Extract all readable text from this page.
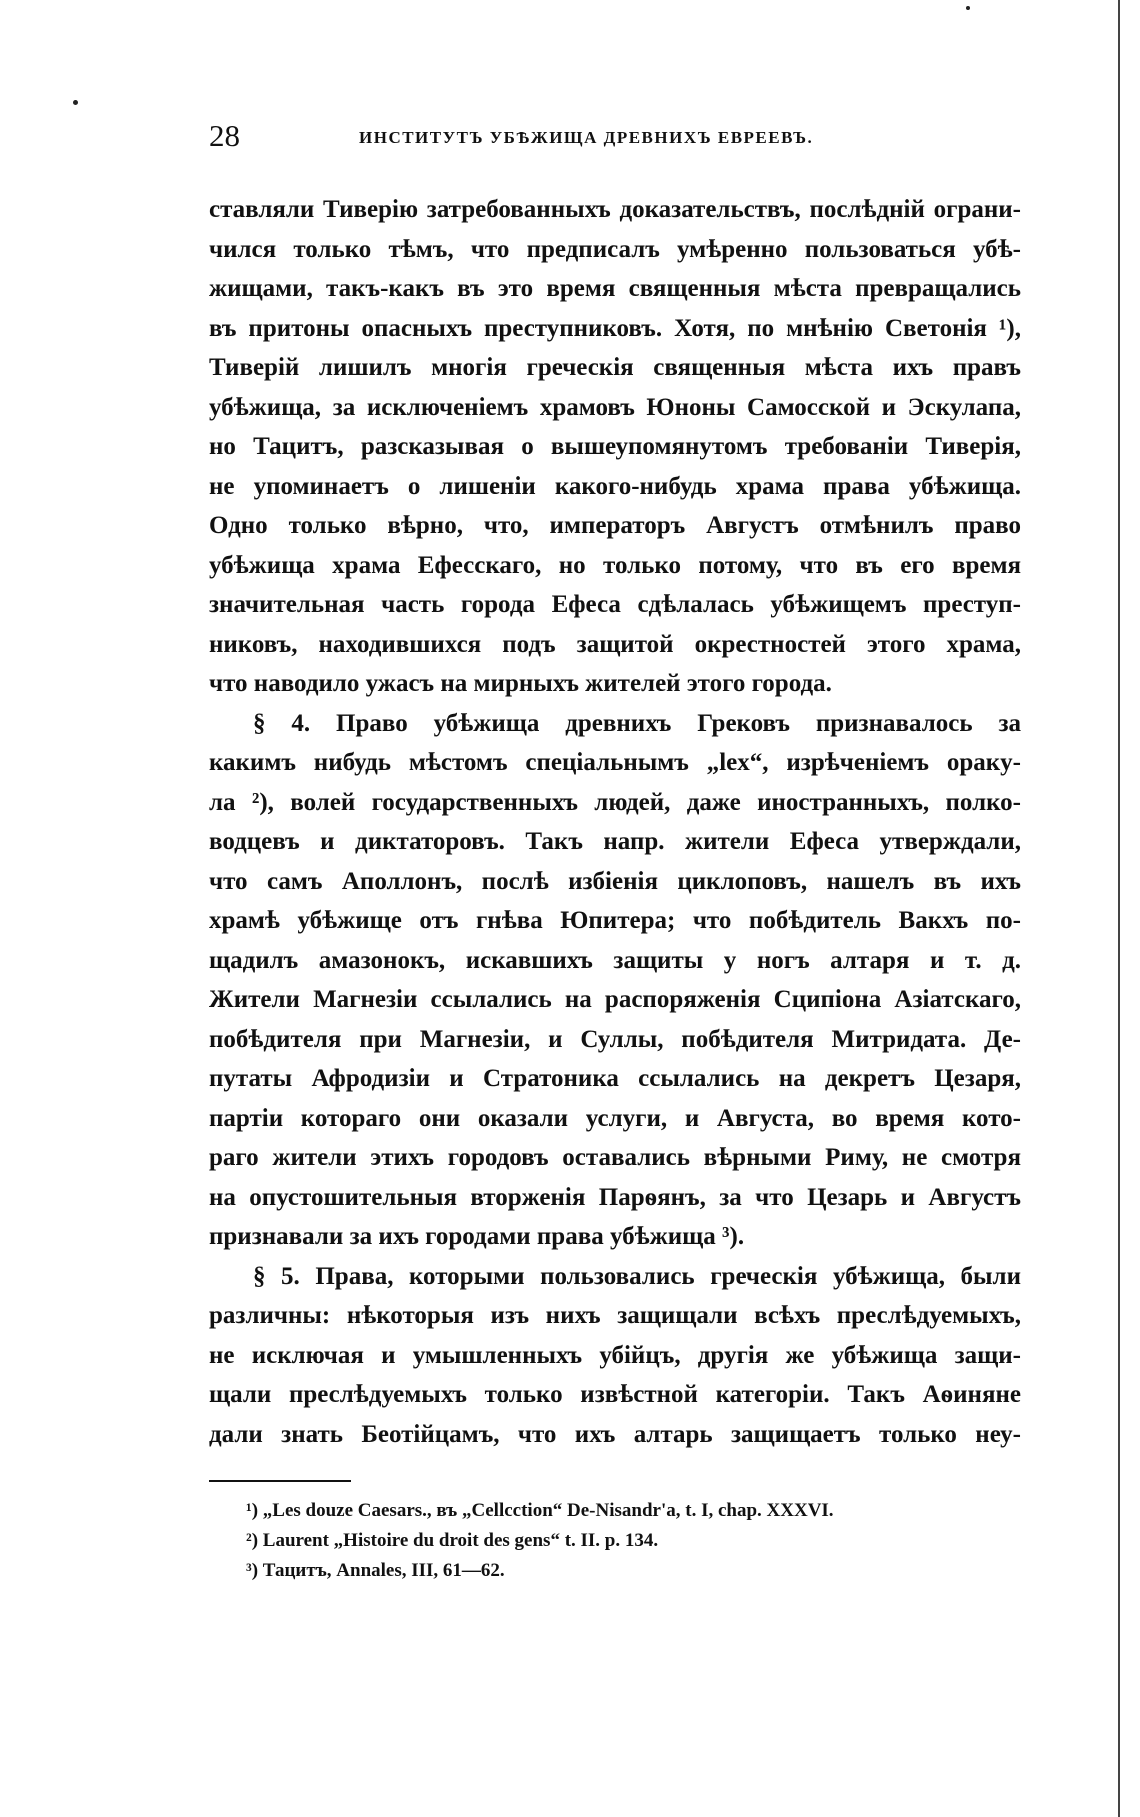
28	ИНСТИТУТЪ УБѢЖИЩА ДРЕВНИХЪ ЕВРЕЕВЪ.
ставляли Тиверію затребованныхъ доказательствъ, послѣдній ограни-
чился только тѣмъ, что предписалъ умѣренно пользоваться убѣ-
жищами, такъ-какъ въ это время священныя мѣста превращались
въ притоны опасныхъ преступниковъ. Хотя, по мнѣнію Светонія ¹),
Тиверій лишилъ многія греческія священныя мѣста ихъ правъ
убѣжища, за исключеніемъ храмовъ Юноны Самосской и Эскулапа,
но Тацитъ, разсказывая о вышеупомянутомъ требованіи Тиверія,
не упоминаетъ о лишеніи какого-нибудь храма права убѣжища.
Одно только вѣрно, что, императоръ Августъ отмѣнилъ право
убѣжища храма Ефесскаго, но только потому, что въ его время
значительная часть города Ефеса сдѣлалась убѣжищемъ преступ-
никовъ, находившихся подъ защитой окрестностей этого храма,
что наводило ужасъ на мирныхъ жителей этого города.
§ 4. Право убѣжища древнихъ Грековъ признавалось за
какимъ нибудь мѣстомъ спеціальнымъ „lex“, изрѣченіемъ оракy-
ла ²), волей государственныхъ людей, даже иностранныхъ, полко-
водцевъ и диктаторовъ. Такъ напр. жители Ефеса утверждали,
что самъ Аполлонъ, послѣ избіенія циклоповъ, нашелъ въ ихъ
храмѣ убѣжище отъ гнѣва Юпитера; что побѣдитель Вакхъ по-
щадилъ амазонокъ, искавшихъ защиты у ногъ алтаря и т. д.
Жители Магнезіи ссылались на распоряженія Сципіона Азіатскаго,
побѣдителя при Магнезіи, и Суллы, побѣдителя Митридата. Де-
путаты Афродизіи и Стратоника ссылались на декретъ Цезаря,
партіи котораго они оказали услуги, и Августа, во время кото-
раго жители этихъ городовъ оставались вѣрными Риму, не смотря
на опустошительныя вторженія Парѳянъ, за что Цезарь и Августъ
признавали за ихъ городами права убѣжища ³).
§ 5. Права, которыми пользовались греческія убѣжища, были
различны: нѣкоторыя изъ нихъ защищали всѣхъ преслѣдуемыхъ,
не исключая и умышленныхъ убійцъ, другія же убѣжища защи-
щали преслѣдуемыхъ только извѣстной категоріи. Такъ Аѳиняне
дали знать Беотійцамъ, что ихъ алтарь защищаетъ только неу-
¹) „Les douze Caesars., въ „Cellcction“ De-Nisandr'a, t. I, chap. XXXVI.
²) Laurent „Histoire du droit des gens“ t. II. p. 134.
³) Тацитъ, Annales, III, 61—62.
